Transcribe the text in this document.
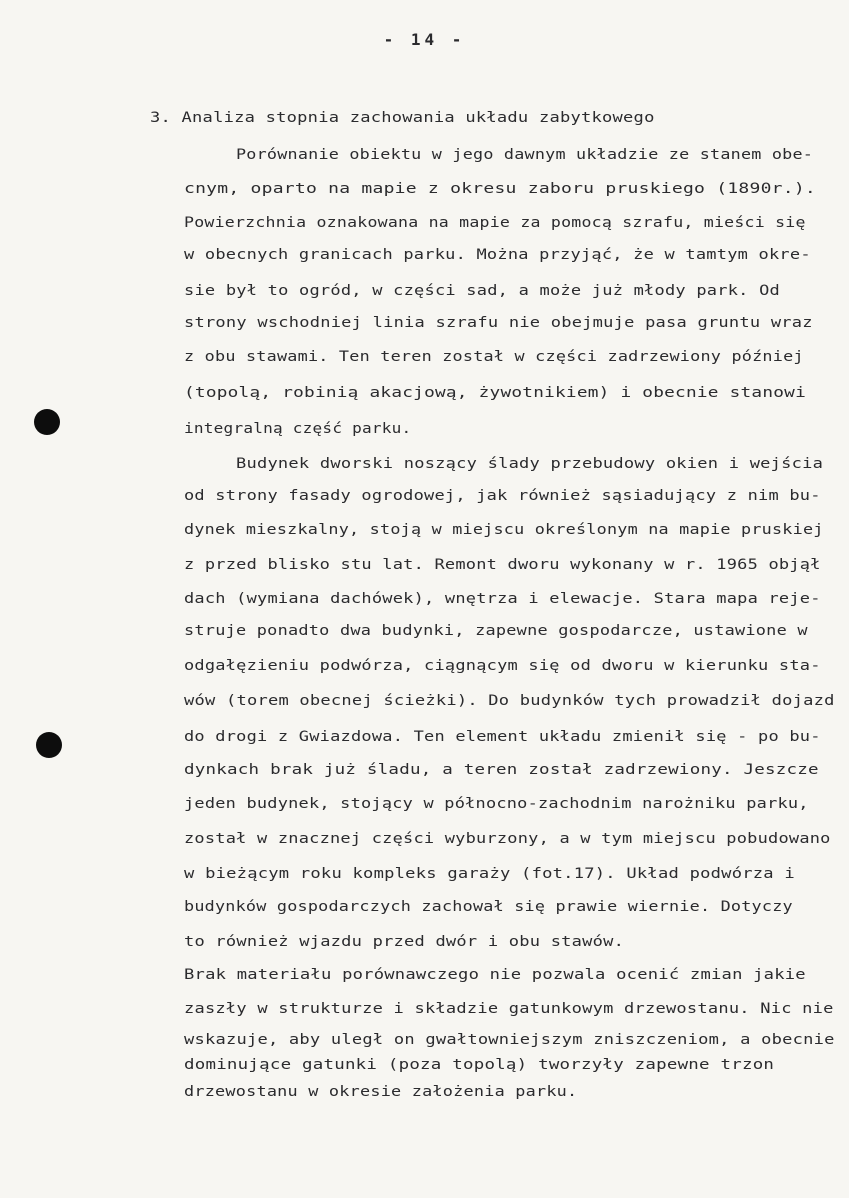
- 14 -
3. Analiza stopnia zachowania układu zabytkowego
Porównanie obiektu w jego dawnym układzie ze stanem obe-
cnym, oparto na mapie z okresu zaboru pruskiego (1890r.).
Powierzchnia oznakowana na mapie za pomocą szrafu, mieści się
w obecnych granicach parku. Można przyjąć, że w tamtym okre-
sie był to ogród, w części sad, a może już młody park. Od
strony wschodniej linia szrafu nie obejmuje pasa gruntu wraz
z obu stawami. Ten teren został w części zadrzewiony później
(topolą, robinią akacjową, żywotnikiem) i obecnie stanowi
integralną część parku.
Budynek dworski noszący ślady przebudowy okien i wejścia
od strony fasady ogrodowej, jak również sąsiadujący z nim bu-
dynek mieszkalny, stoją w miejscu określonym na mapie pruskiej
z przed blisko stu lat. Remont dworu wykonany w r. 1965 objął
dach (wymiana dachówek), wnętrza i elewacje. Stara mapa reje-
struje ponadto dwa budynki, zapewne gospodarcze, ustawione w
odgałęzieniu podwórza, ciągnącym się od dworu w kierunku sta-
wów (torem obecnej ścieżki). Do budynków tych prowadził dojazd
do drogi z Gwiazdowa. Ten element układu zmienił się - po bu-
dynkach brak już śladu, a teren został zadrzewiony. Jeszcze
jeden budynek, stojący w północno-zachodnim narożniku parku,
został w znacznej części wyburzony, a w tym miejscu pobudowano
w bieżącym roku kompleks garaży (fot.17). Układ podwórza i
budynków gospodarczych zachował się prawie wiernie. Dotyczy
to również wjazdu przed dwór i obu stawów.
Brak materiału porównawczego nie pozwala ocenić zmian jakie
zaszły w strukturze i składzie gatunkowym drzewostanu. Nic nie
wskazuje, aby uległ on gwałtowniejszym zniszczeniom, a obecnie
dominujące gatunki (poza topolą) tworzyły zapewne trzon
drzewostanu w okresie założenia parku.
